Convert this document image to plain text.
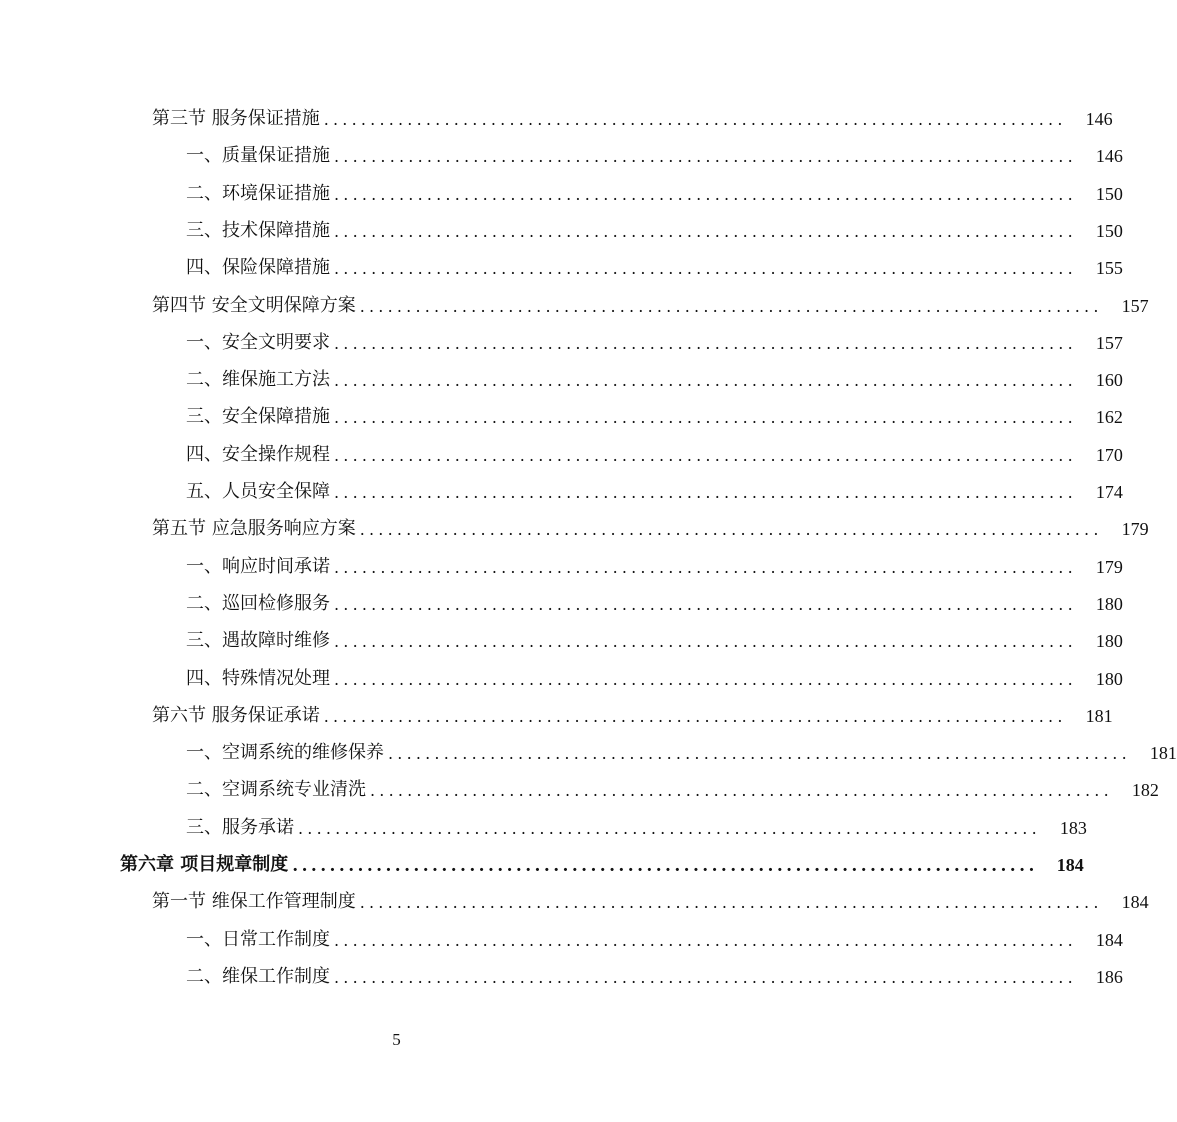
第三节 服务保证措施 ................................................................................	146
一、质量保证措施 ................................................................................	146
二、环境保证措施 ................................................................................	150
三、技术保障措施 ................................................................................	150
四、保险保障措施 ................................................................................	155
第四节 安全文明保障方案 ................................................................................	157
一、安全文明要求 ................................................................................	157
二、维保施工方法 ................................................................................	160
三、安全保障措施 ................................................................................	162
四、安全操作规程 ................................................................................	170
五、人员安全保障 ................................................................................	174
第五节 应急服务响应方案 ................................................................................	179
一、响应时间承诺 ................................................................................	179
二、巡回检修服务 ................................................................................	180
三、遇故障时维修 ................................................................................	180
四、特殊情况处理 ................................................................................	180
第六节 服务保证承诺 ................................................................................	181
一、空调系统的维修保养 ................................................................................	181
二、空调系统专业清洗 ................................................................................	182
三、服务承诺 ................................................................................	183
第六章 项目规章制度 ................................................................................	184
第一节 维保工作管理制度 ................................................................................	184
一、日常工作制度 ................................................................................	184
二、维保工作制度 ................................................................................	186
5
